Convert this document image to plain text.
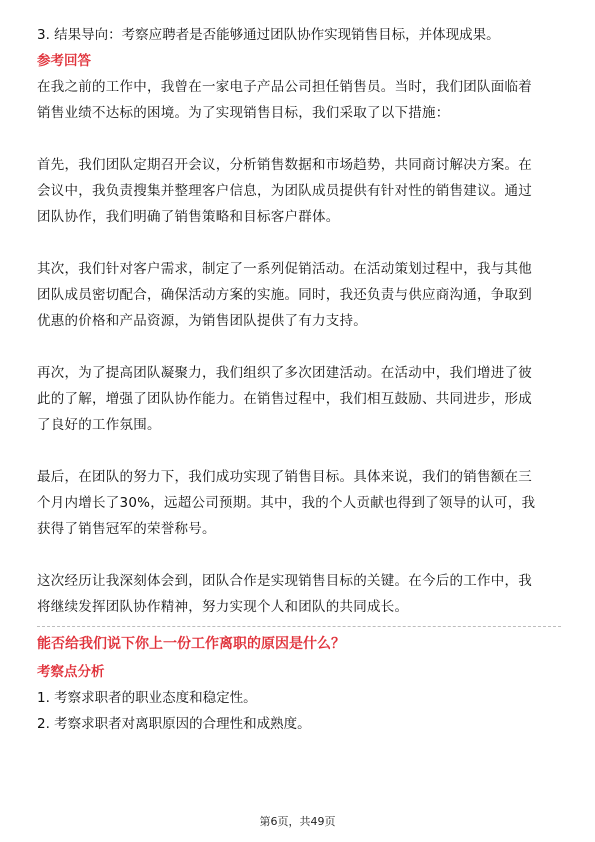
3. 结果导向：考察应聘者是否能够通过团队协作实现销售目标，并体现成果。

参考回答

在我之前的工作中，我曾在一家电子产品公司担任销售员。当时，我们团队面临着

销售业绩不达标的困境。为了实现销售目标，我们采取了以下措施：

首先，我们团队定期召开会议，分析销售数据和市场趋势，共同商讨解决方案。在

会议中，我负责搜集并整理客户信息，为团队成员提供有针对性的销售建议。通过

团队协作，我们明确了销售策略和目标客户群体。

其次，我们针对客户需求，制定了一系列促销活动。在活动策划过程中，我与其他

团队成员密切配合，确保活动方案的实施。同时，我还负责与供应商沟通，争取到

优惠的价格和产品资源，为销售团队提供了有力支持。

再次，为了提高团队凝聚力，我们组织了多次团建活动。在活动中，我们增进了彼

此的了解，增强了团队协作能力。在销售过程中，我们相互鼓励、共同进步，形成

了良好的工作氛围。

最后，在团队的努力下，我们成功实现了销售目标。具体来说，我们的销售额在三

个月内增长了30%，远超公司预期。其中，我的个人贡献也得到了领导的认可，我

获得了销售冠军的荣誉称号。

这次经历让我深刻体会到，团队合作是实现销售目标的关键。在今后的工作中，我

将继续发挥团队协作精神，努力实现个人和团队的共同成长。

能否给我们说下你上一份工作离职的原因是什么？

考察点分析

1. 考察求职者的职业态度和稳定性。

2. 考察求职者对离职原因的合理性和成熟度。

第6页，共49页
